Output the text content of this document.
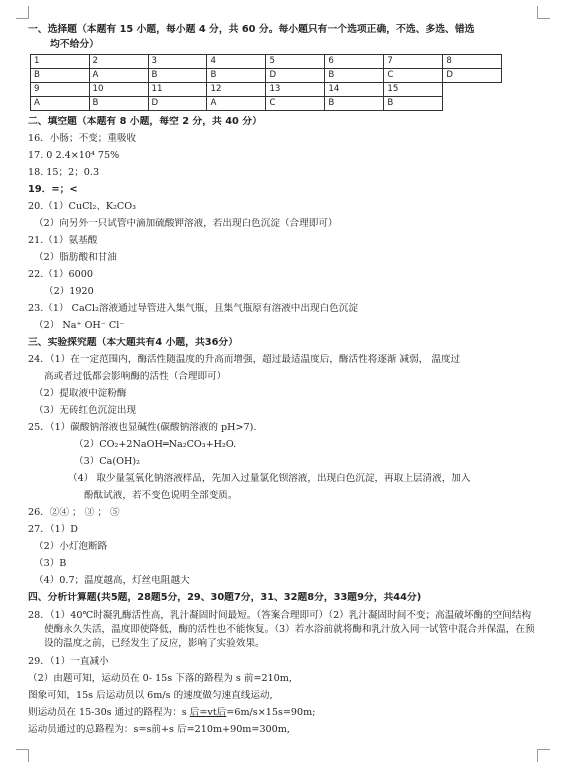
一、选择题（本题有 15 小题，每小题 4 分，共 60 分。每小题只有一个选项正确，不选、多选、错选
均不给分）
1	2	3	4	5	6	7	8
B	A	B	B	D	B	C	D
9	10	11	12	13	14	15	
A	B	D	A	C	B	B	
二、填空题（本题有 8 小题，每空 2 分，共 40 分）
16．小肠；不变；重吸收
17. 0 2.4×10⁴ 75%
18. 15；2；0.3
19．=；<
20.（1）CuCl₂、K₂CO₃
（2）向另外一只试管中滴加硫酸钾溶液，若出现白色沉淀（合理即可）
21.（1）氨基酸
（2）脂肪酸和甘油
22.（1）6000
（2）1920
23.（1） CaCl₂溶液通过导管进入集气瓶，且集气瓶原有溶液中出现白色沉淀
（2） Na⁺ OH⁻ Cl⁻
三、实验探究题（本大题共有4 小题，共36分）
24．（1）在一定范围内，酶活性随温度的升高而增强，超过最适温度后，酶活性将逐渐 减弱， 温度过
高或者过低都会影响酶的活性（合理即可）
（2）提取液中淀粉酶
（3）无砖红色沉淀出现
25．（1）碳酸钠溶液也显碱性(碳酸钠溶液的 pH>7).
（2）CO₂+2NaOH═Na₂CO₃+H₂O.
（3）Ca(OH)₂
（4） 取少量氢氧化钠溶液样品，先加入过量氯化钡溶液，出现白色沉淀，再取上层清液，加入
酚酞试液，若不变色说明全部变质。
26．②④ ； ③ ； ⑤
27．（1）D
（2）小灯泡断路
（3）B
（4）0.7；温度越高，灯丝电阻越大
四、分析计算题(共5题，28题5分，29、30题7分，31、32题8分，33题9分，共44分)
28．（1）40℃时凝乳酶活性高，乳汁凝固时间最短。（答案合理即可）（2）乳汁凝固时间不变；高温破坏酶的空间结构使酶永久失活，温度即使降低，酶的活性也不能恢复。（3）若水浴前就将酶和乳汁放入同一试管中混合并保温，在预设的温度之前，已经发生了反应，影响了实验效果。
29．（1）一直减小
（2）由题可知，运动员在 0- 15s 下落的路程为 s 前=210m,
图象可知，15s 后运动员以 6m/s 的速度做匀速直线运动,
则运动员在 15-30s 通过的路程为：s 后=vt后=6m/s×15s=90m;
运动员通过的总路程为：s=s前+s 后=210m+90m=300m,
